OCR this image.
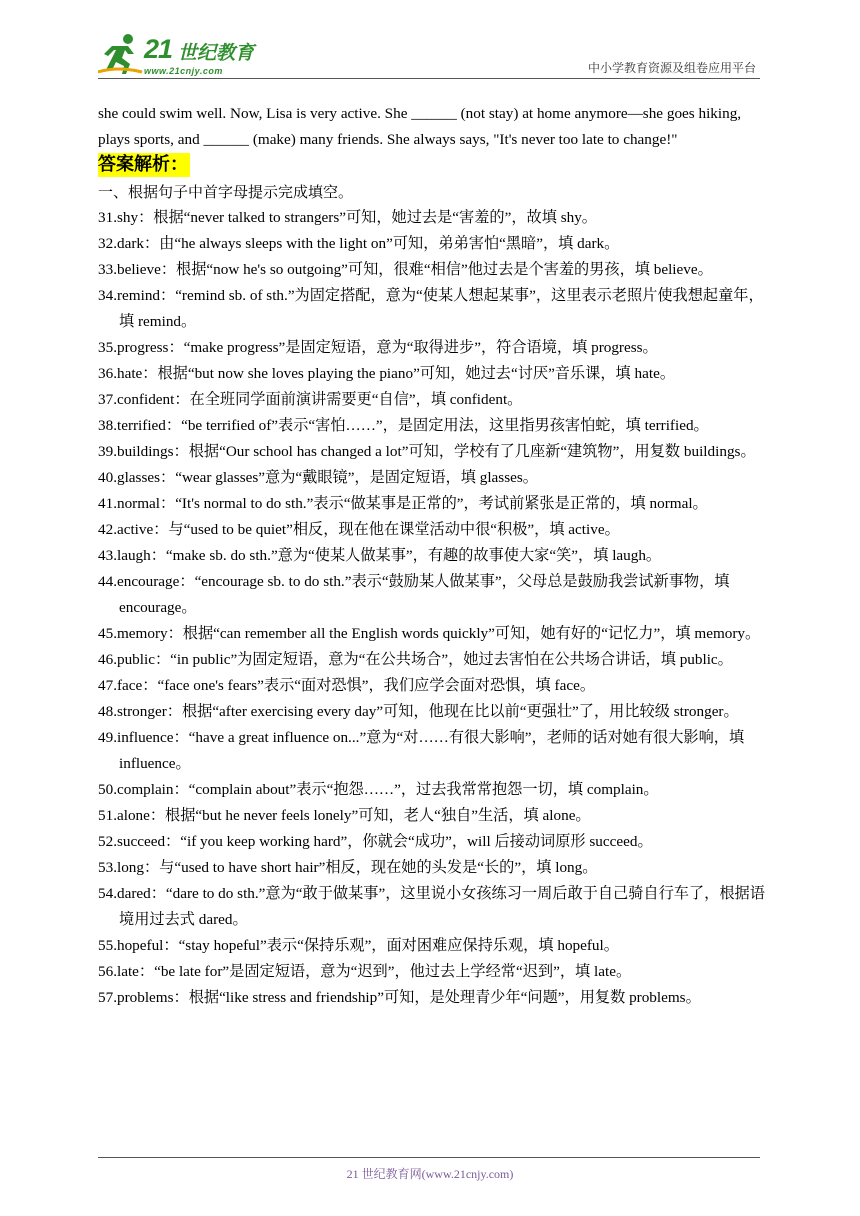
21 世纪教育
www.21cnjy.com	中小学教育资源及组卷应用平台
she could swim well. Now, Lisa is very active. She ______ (not stay) at home anymore—she goes hiking, plays sports, and ______ (make) many friends. She always says, "It's never too late to change!"
答案解析：
一、根据句子中首字母提示完成填空。
31.shy：根据“never talked to strangers”可知，她过去是“害羞的”，故填 shy。
32.dark：由“he always sleeps with the light on”可知，弟弟害怕“黑暗”，填 dark。
33.believe：根据“now he's so outgoing”可知，很难“相信”他过去是个害羞的男孩，填 believe。
34.remind：“remind sb. of sth.”为固定搭配，意为“使某人想起某事”，这里表示老照片使我想起童年，填 remind。
35.progress：“make progress”是固定短语，意为“取得进步”，符合语境，填 progress。
36.hate：根据“but now she loves playing the piano”可知，她过去“讨厌”音乐课，填 hate。
37.confident：在全班同学面前演讲需要更“自信”，填 confident。
38.terrified：“be terrified of”表示“害怕……”，是固定用法，这里指男孩害怕蛇，填 terrified。
39.buildings：根据“Our school has changed a lot”可知，学校有了几座新“建筑物”，用复数 buildings。
40.glasses：“wear glasses”意为“戴眼镜”，是固定短语，填 glasses。
41.normal：“It's normal to do sth.”表示“做某事是正常的”，考试前紧张是正常的，填 normal。
42.active：与“used to be quiet”相反，现在他在课堂活动中很“积极”，填 active。
43.laugh：“make sb. do sth.”意为“使某人做某事”，有趣的故事使大家“笑”，填 laugh。
44.encourage：“encourage sb. to do sth.”表示“鼓励某人做某事”，父母总是鼓励我尝试新事物，填 encourage。
45.memory：根据“can remember all the English words quickly”可知，她有好的“记忆力”，填 memory。
46.public：“in public”为固定短语，意为“在公共场合”，她过去害怕在公共场合讲话，填 public。
47.face：“face one's fears”表示“面对恐惧”，我们应学会面对恐惧，填 face。
48.stronger：根据“after exercising every day”可知，他现在比以前“更强壮”了，用比较级 stronger。
49.influence：“have a great influence on...”意为“对……有很大影响”，老师的话对她有很大影响，填 influence。
50.complain：“complain about”表示“抱怨……”，过去我常常抱怨一切，填 complain。
51.alone：根据“but he never feels lonely”可知，老人“独自”生活，填 alone。
52.succeed：“if you keep working hard”，你就会“成功”，will 后接动词原形 succeed。
53.long：与“used to have short hair”相反，现在她的头发是“长的”，填 long。
54.dared：“dare to do sth.”意为“敢于做某事”，这里说小女孩练习一周后敢于自己骑自行车了，根据语境用过去式 dared。
55.hopeful：“stay hopeful”表示“保持乐观”，面对困难应保持乐观，填 hopeful。
56.late：“be late for”是固定短语，意为“迟到”，他过去上学经常“迟到”，填 late。
57.problems：根据“like stress and friendship”可知，是处理青少年“问题”，用复数 problems。
21 世纪教育网(www.21cnjy.com)
